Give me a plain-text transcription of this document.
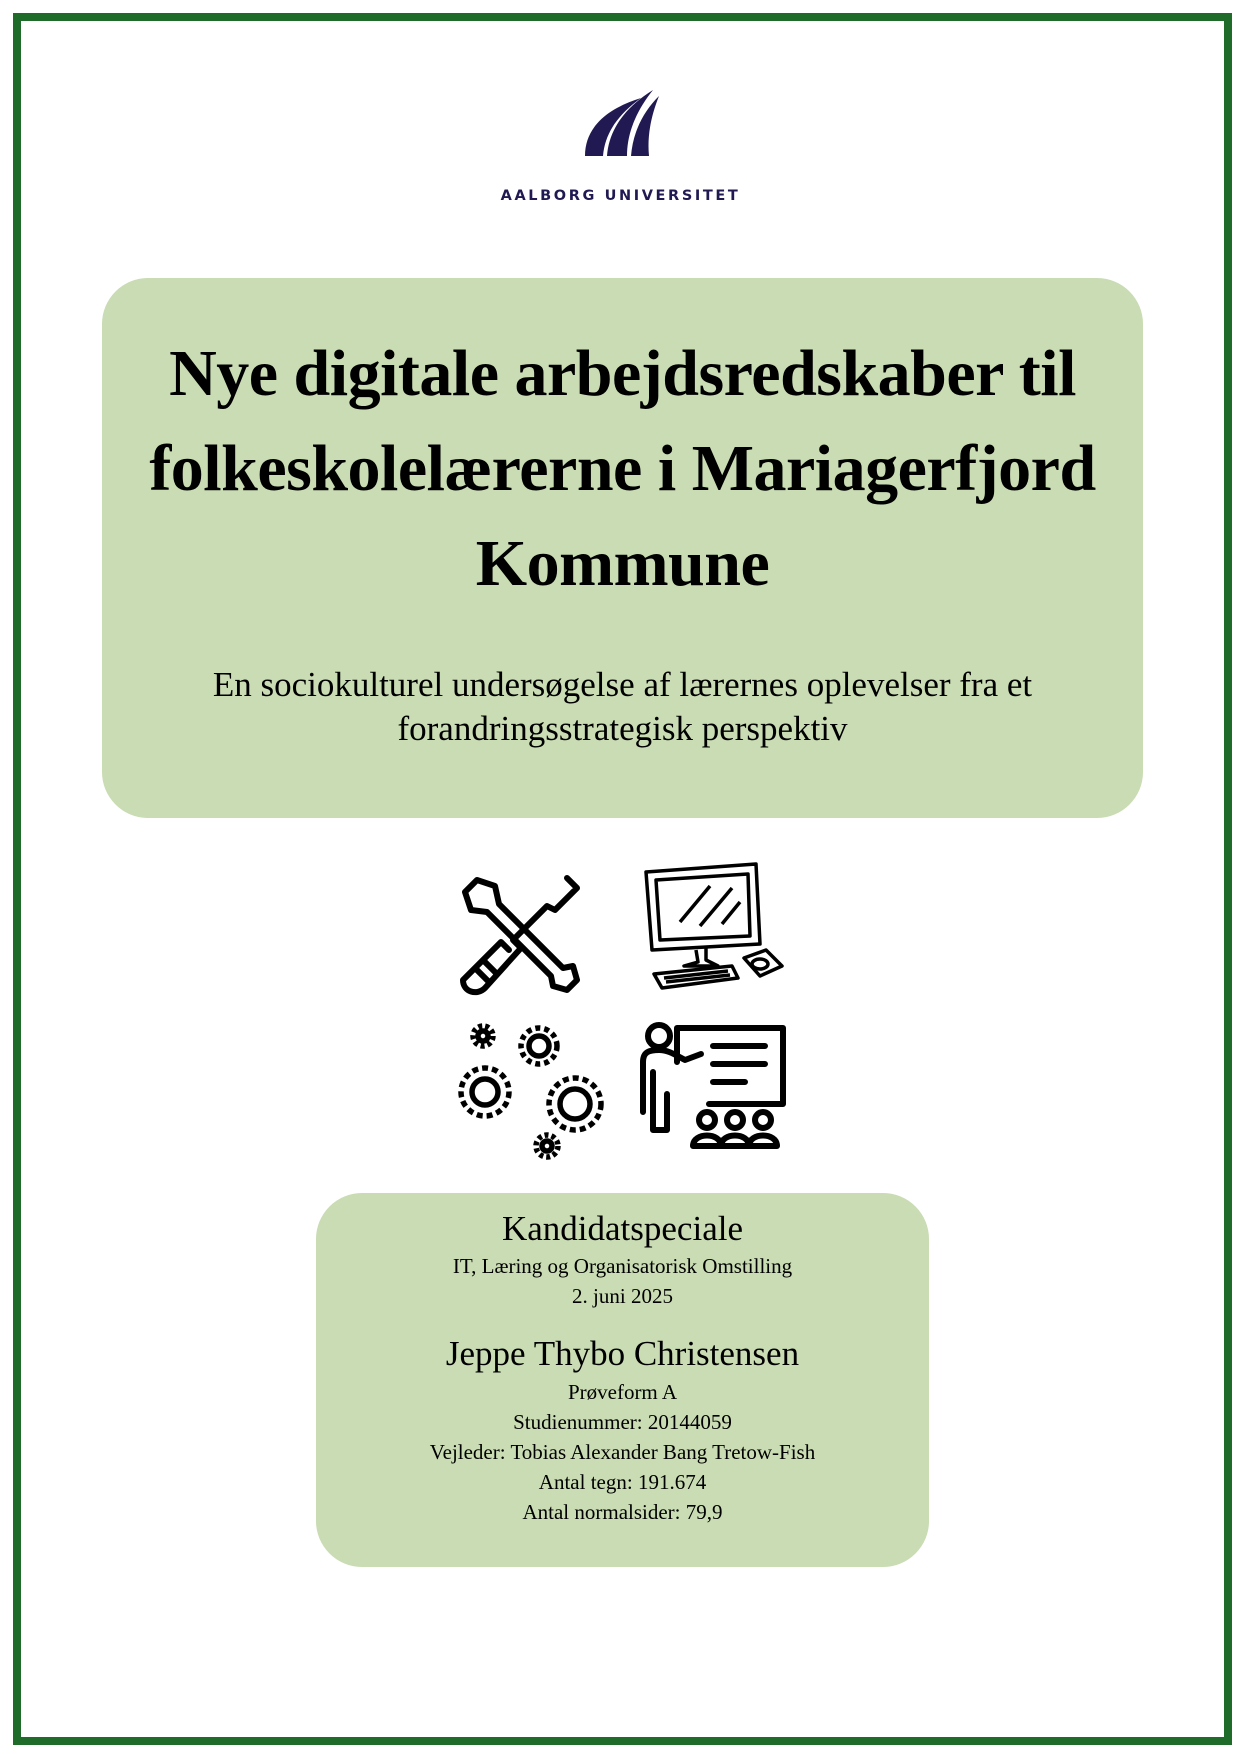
AALBORG UNIVERSITET
Nye digitale arbejdsredskaber til folkeskolelærerne i Mariagerfjord Kommune
En sociokulturel undersøgelse af lærernes oplevelser fra et forandringsstrategisk perspektiv
Kandidatspeciale
IT, Læring og Organisatorisk Omstilling
2. juni 2025
Jeppe Thybo Christensen
Prøveform A
Studienummer: 20144059
Vejleder: Tobias Alexander Bang Tretow-Fish
Antal tegn: 191.674
Antal normalsider: 79,9
